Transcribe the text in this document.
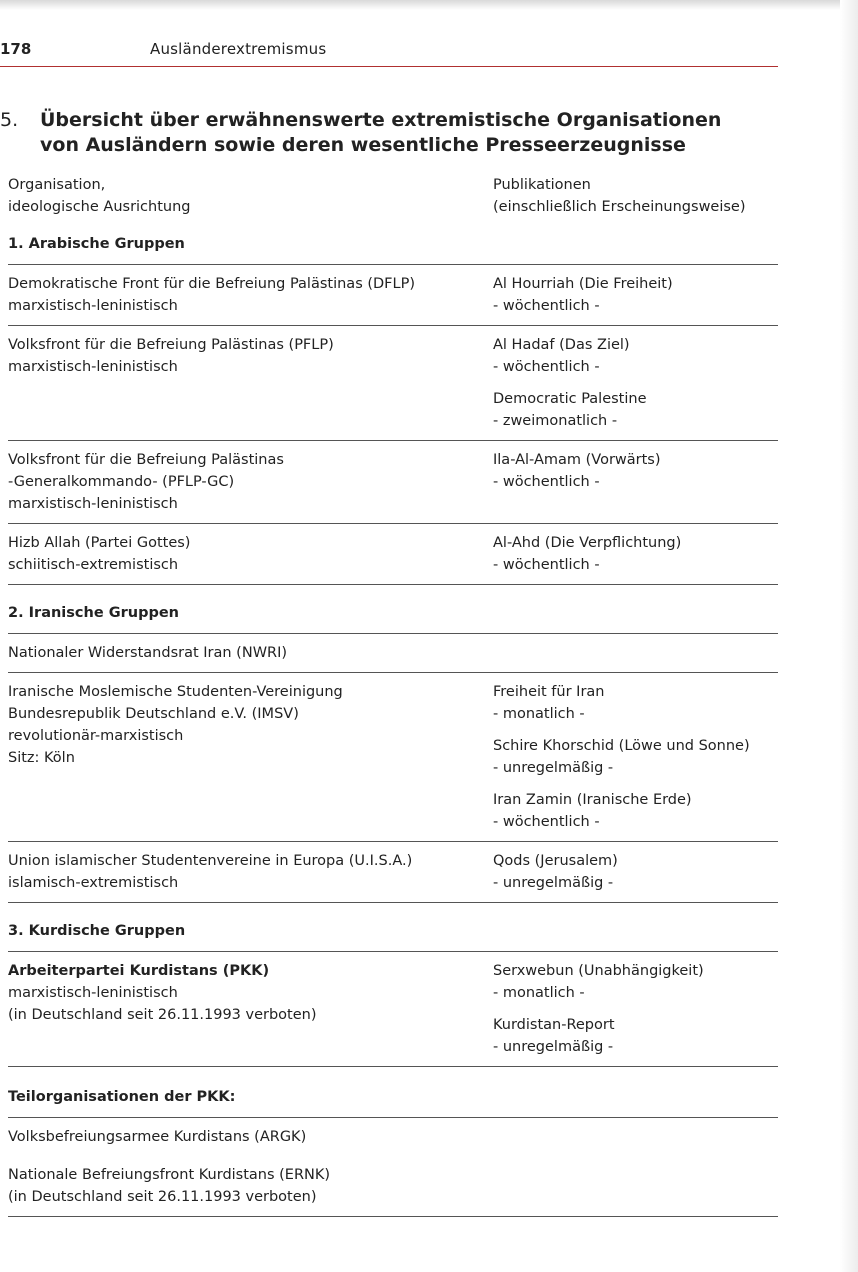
178	Ausländerextremismus
5. Übersicht über erwähnenswerte extremistische Organisationen
von Ausländern sowie deren wesentliche Presseerzeugnisse
Organisation,
ideologische Ausrichtung
Publikationen
(einschließlich Erscheinungsweise)
1. Arabische Gruppen
Demokratische Front für die Befreiung Palästinas (DFLP)
marxistisch-leninistisch
Al Hourriah (Die Freiheit)
- wöchentlich -
Volksfront für die Befreiung Palästinas (PFLP)
marxistisch-leninistisch
Al Hadaf (Das Ziel)
- wöchentlich -
Democratic Palestine
- zweimonatlich -
Volksfront für die Befreiung Palästinas
-Generalkommando- (PFLP-GC)
marxistisch-leninistisch
Ila-Al-Amam (Vorwärts)
- wöchentlich -
Hizb Allah (Partei Gottes)
schiitisch-extremistisch
Al-Ahd (Die Verpflichtung)
- wöchentlich -
2. Iranische Gruppen
Nationaler Widerstandsrat Iran (NWRI)
Iranische Moslemische Studenten-Vereinigung
Bundesrepublik Deutschland e.V. (IMSV)
revolutionär-marxistisch
Sitz: Köln
Freiheit für Iran
- monatlich -
Schire Khorschid (Löwe und Sonne)
- unregelmäßig -
Iran Zamin (Iranische Erde)
- wöchentlich -
Union islamischer Studentenvereine in Europa (U.I.S.A.)
islamisch-extremistisch
Qods (Jerusalem)
- unregelmäßig -
3. Kurdische Gruppen
Arbeiterpartei Kurdistans (PKK)
marxistisch-leninistisch
(in Deutschland seit 26.11.1993 verboten)
Serxwebun (Unabhängigkeit)
- monatlich -
Kurdistan-Report
- unregelmäßig -
Teilorganisationen der PKK:
Volksbefreiungsarmee Kurdistans (ARGK)
Nationale Befreiungsfront Kurdistans (ERNK)
(in Deutschland seit 26.11.1993 verboten)
